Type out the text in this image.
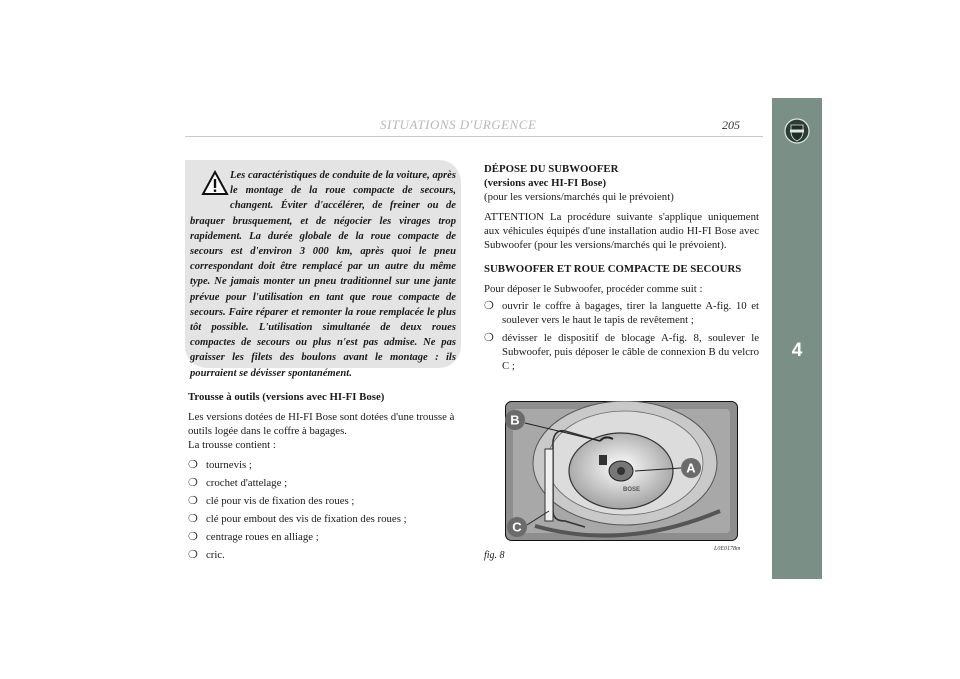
SITUATIONS D'URGENCE	205
4
Les caractéristiques de conduite de la voiture, après le montage de la roue compacte de secours, changent. Éviter d'accélérer, de freiner ou de braquer brusquement, et de négocier les virages trop rapidement. La durée globale de la roue compacte de secours est d'environ 3 000 km, après quoi le pneu correspondant doit être remplacé par un autre du même type. Ne jamais monter un pneu traditionnel sur une jante prévue pour l'utilisation en tant que roue compacte de secours. Faire réparer et remonter la roue remplacée le plus tôt possible. L'utilisation simultanée de deux roues compactes de secours ou plus n'est pas admise. Ne pas graisser les filets des boulons avant le montage : ils pourraient se dévisser spontanément.

Trousse à outils (versions avec HI-FI Bose)

Les versions dotées de HI-FI Bose sont dotées d'une trousse à outils logée dans le coffre à bagages.

La trousse contient :

❍ tournevis ;
❍ crochet d'attelage ;
❍ clé pour vis de fixation des roues ;
❍ clé pour embout des vis de fixation des roues ;
❍ centrage roues en alliage ;
❍ cric.
DÉPOSE DU SUBWOOFER
(versions avec HI-FI Bose)

(pour les versions/marchés qui le prévoient)

ATTENTION La procédure suivante s'applique uniquement aux véhicules équipés d'une installation audio HI-FI Bose avec Subwoofer (pour les versions/marchés qui le prévoient).

SUBWOOFER ET ROUE COMPACTE DE SECOURS

Pour déposer le Subwoofer, procéder comme suit :

❍ ouvrir le coffre à bagages, tirer la languette A-fig. 10 et soulever vers le haut le tapis de revêtement ;
❍ dévisser le dispositif de blocage A-fig. 8, soulever le Subwoofer, puis déposer le câble de connexion B du velcro C ;
BOSE
A
B
C
fig. 8
L0E0178m
